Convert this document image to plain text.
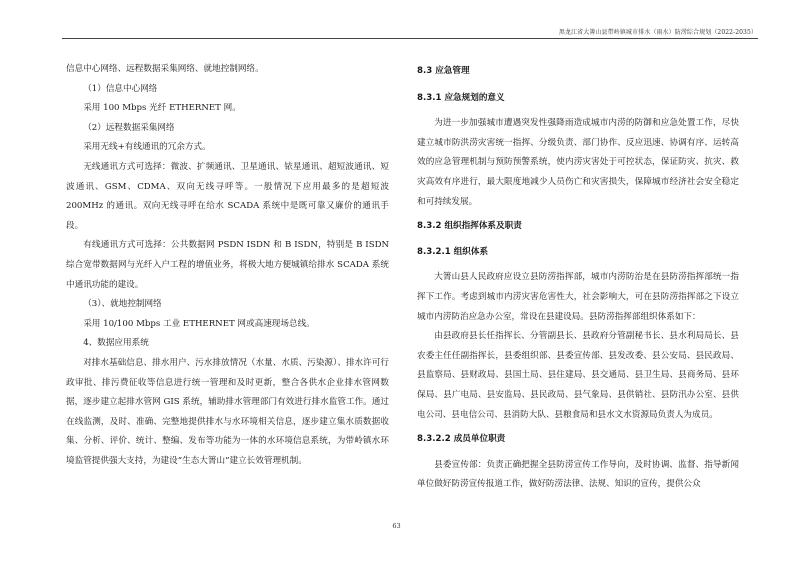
黑龙江省大箐山县带岭镇城市排水（雨水）防涝综合规划（2022-2035）

信息中心网络、远程数据采集网络、就地控制网络。

（1）信息中心网络

采用 100 Mbps 光纤 ETHERNET 网。

（2）远程数据采集网络

采用无线+有线通讯的冗余方式。

无线通讯方式可选择：微波、扩频通讯、卫星通讯、铱星通讯、超短波通讯、短波通讯、GSM、CDMA、双向无线寻呼等。一般情况下应用最多的是超短波200MHz 的通讯。双向无线寻呼在给水 SCADA 系统中是既可靠又廉价的通讯手段。

有线通讯方式可选择：公共数据网 PSDN ISDN 和 B ISDN，特别是 B ISDN 综合宽带数据网与光纤入户工程的增值业务，将极大地方便城镇给排水 SCADA 系统中通讯功能的建设。

（3）、就地控制网络

采用 10/100 Mbps 工业 ETHERNET 网或高速现场总线。

4、数据应用系统

对排水基础信息、排水用户、污水排放情况（水量、水质、污染源）、排水许可行政审批、排污费征收等信息进行统一管理和及时更新，整合各供水企业排水管网数据，逐步建立起排水管网 GIS 系统，辅助排水管理部门有效进行排水监管工作。通过在线监测，及时、准确、完整地提供排水与水环境相关信息，逐步建立集水质数据收集、分析、评价、统计、整编、发布等功能为一体的水环境信息系统，为带岭镇水环境监管提供强大支持，为建设“生态大箐山”建立长效管理机制。

8.3 应急管理
8.3.1 应急规划的意义

为进一步加强城市遭遇突发性强降雨造成城市内涝的防御和应急处置工作，尽快建立城市防洪涝灾害统一指挥、分级负责、部门协作、反应迅速、协调有序、运转高效的应急管理机制与预防预警系统，使内涝灾害处于可控状态，保证防灾、抗灾、救灾高效有序进行，最大限度地减少人员伤亡和灾害损失，保障城市经济社会安全稳定和可持续发展。

8.3.2 组织指挥体系及职责
8.3.2.1 组织体系

大箐山县人民政府应设立县防涝指挥部，城市内涝防治是在县防涝指挥部统一指挥下工作。考虑到城市内涝灾害危害性大，社会影响大，可在县防涝指挥部之下设立城市内涝防治应急办公室，常设在县建设局。县防涝指挥部组织体系如下：

由县政府县长任指挥长、分管副县长、县政府分管副秘书长、县水利局局长、县农委主任任副指挥长，县委组织部、县委宣传部、县发改委、县公安局、县民政局、县监察局、县财政局、县国土局、县住建局、县交通局、县卫生局、县商务局、县环保局、县广电局、县安监局、县民政局、县气象局、县供销社、县防汛办公室、县供电公司、县电信公司、县消防大队、县粮食局和县水文水资源局负责人为成员。

8.3.2.2 成员单位职责

县委宣传部：负责正确把握全县防涝宣传工作导向，及时协调、监督、指导新闻单位做好防涝宣传报道工作，做好防涝法律、法规、知识的宣传，提供公众

63
